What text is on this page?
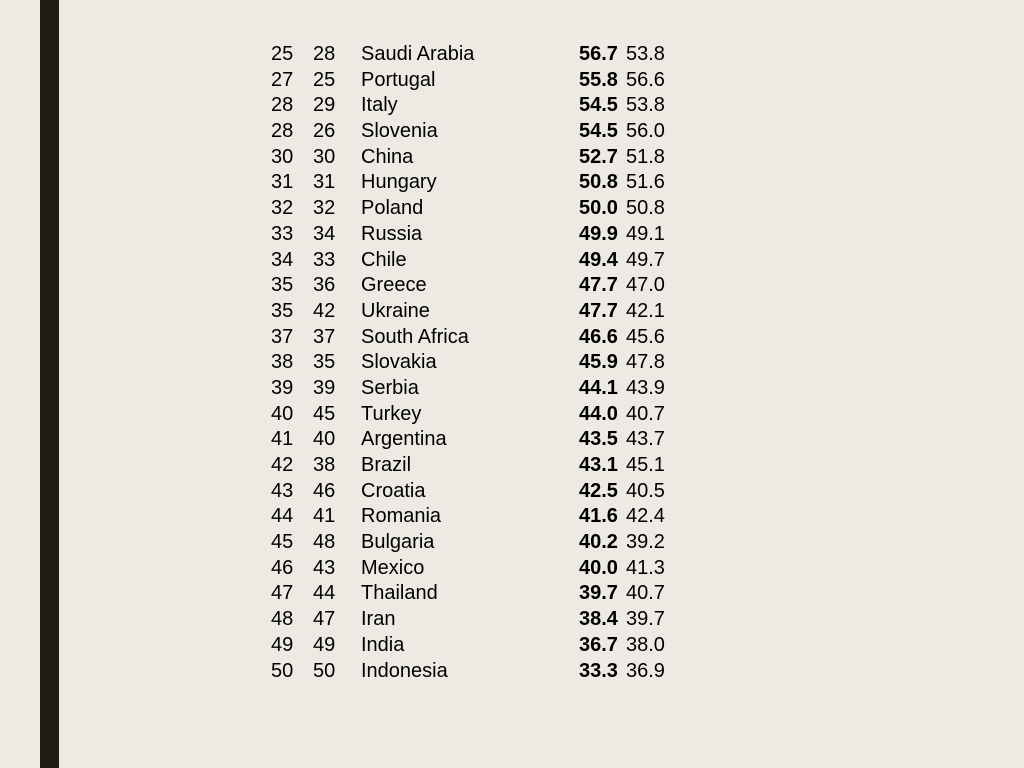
25 28 Saudi Arabia	56.7 53.8
27 25 Portugal	55.8 56.6
28 29 Italy	54.5 53.8
28 26 Slovenia	54.5 56.0
30 30 China	52.7 51.8
31 31 Hungary	50.8 51.6
32 32 Poland	50.0 50.8
33 34 Russia	49.9 49.1
34 33 Chile	49.4 49.7
35 36 Greece	47.7 47.0
35 42 Ukraine	47.7 42.1
37 37 South Africa	46.6 45.6
38 35 Slovakia	45.9 47.8
39 39 Serbia	44.1 43.9
40 45 Turkey	44.0 40.7
41 40 Argentina	43.5 43.7
42 38 Brazil	43.1 45.1
43 46 Croatia	42.5 40.5
44 41 Romania	41.6 42.4
45 48 Bulgaria	40.2 39.2
46 43 Mexico	40.0 41.3
47 44 Thailand	39.7 40.7
48 47 Iran	38.4 39.7
49 49 India	36.7 38.0
50 50 Indonesia	33.3 36.9
